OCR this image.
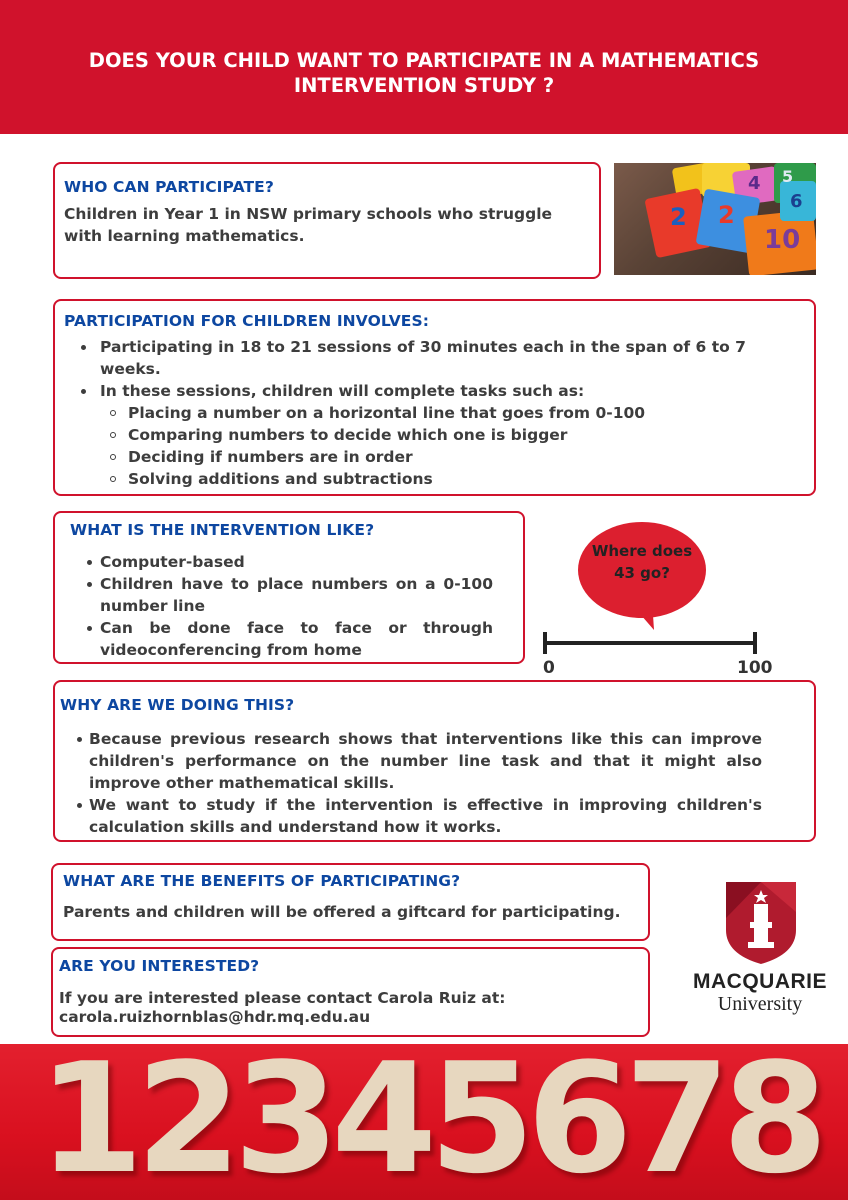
DOES YOUR CHILD WANT TO PARTICIPATE IN A MATHEMATICS
INTERVENTION STUDY ?
WHO CAN PARTICIPATE?

Children in Year 1 in NSW primary schools who struggle with learning mathematics.

2
4
2
10
5
6
PARTICIPATION FOR CHILDREN INVOLVES:
Participating in 18 to 21 sessions of 30 minutes each in the span of 6 to 7 weeks.
In these sessions, children will complete tasks such as:
Placing a number on a horizontal line that goes from 0-100
Comparing numbers to decide which one is bigger
Deciding if numbers are in order
Solving additions and subtractions
WHAT IS THE INTERVENTION LIKE?
Computer-based
Children have to place numbers on a 0-100 number line
Can be done face to face or through videoconferencing from home
Where does
43 go?
0	100
WHY ARE WE DOING THIS?
Because previous research shows that interventions like this can improve children's performance on the number line task and that it might also improve other mathematical skills.
We want to study if the intervention is effective in improving children's calculation skills and understand how it works.
WHAT ARE THE BENEFITS OF PARTICIPATING?

Parents and children will be offered a giftcard for participating.

ARE YOU INTERESTED?

If you are interested please contact Carola Ruiz at:

carola.ruizhornblas@hdr.mq.edu.au

MACQUARIE
University
12345678
